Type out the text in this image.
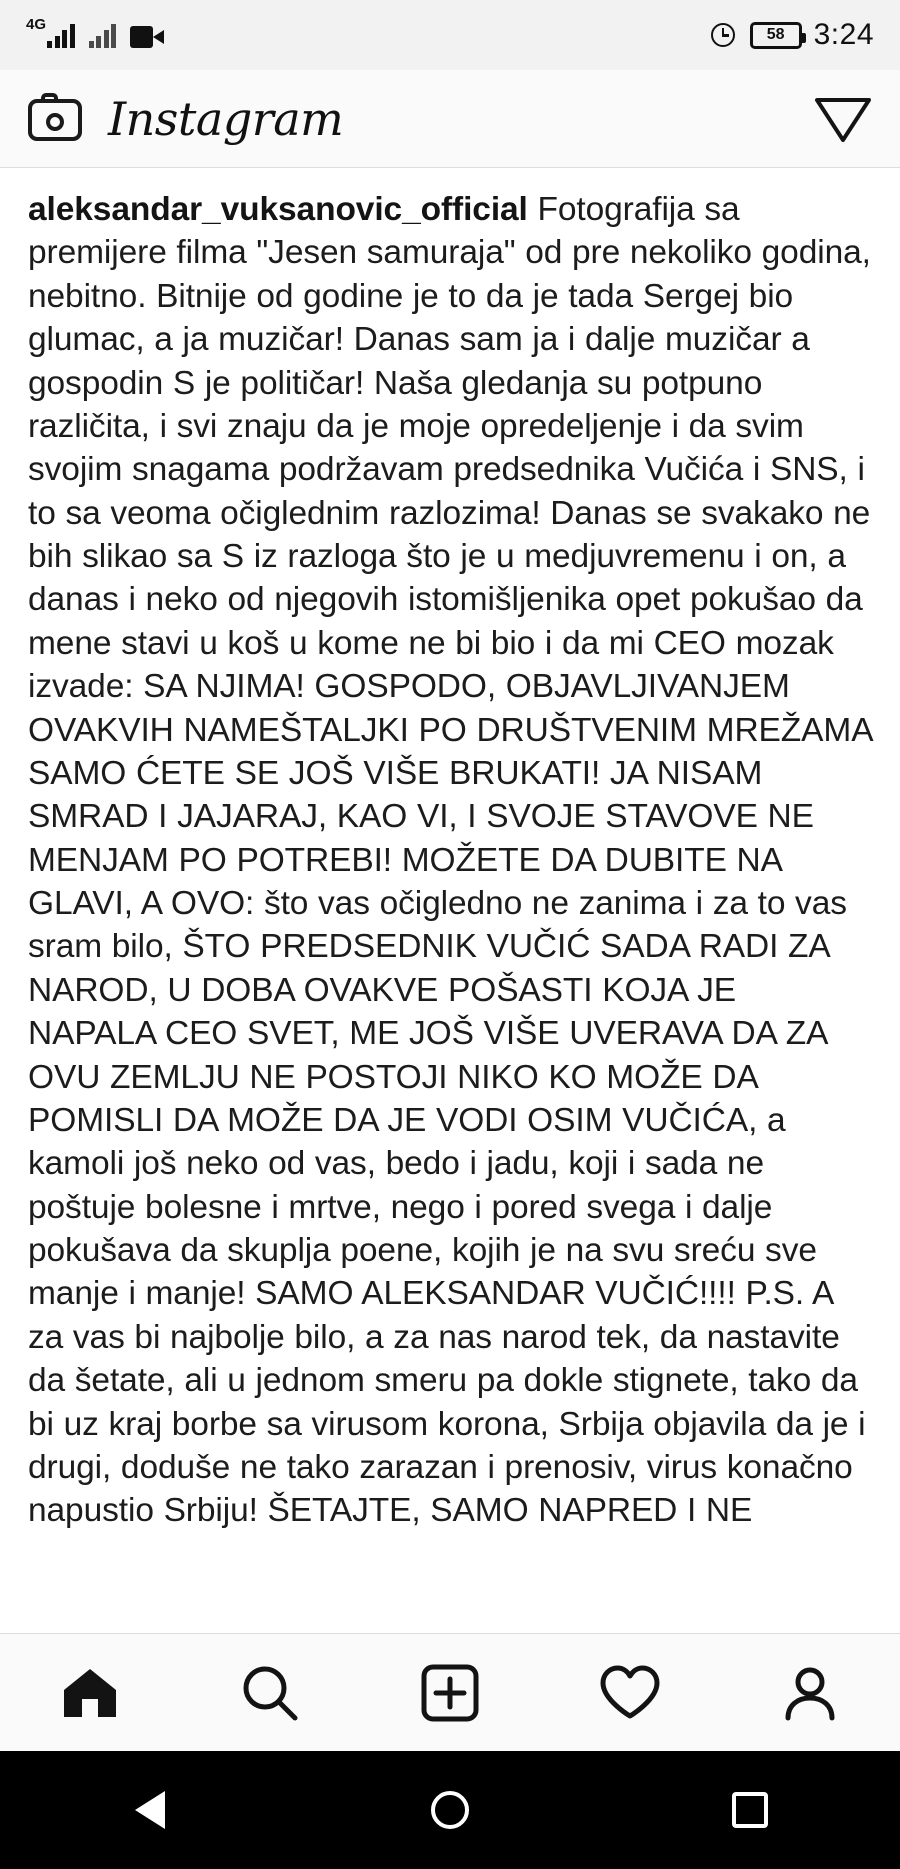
4G
58 3:24
Instagram
aleksandar_vuksanovic_official Fotografija sa premijere filma "Jesen samuraja" od pre nekoliko godina, nebitno. Bitnije od godine je to da je tada Sergej bio glumac, a ja muzičar! Danas sam ja i dalje muzičar a gospodin S je političar! Naša gledanja su potpuno različita, i svi znaju da je moje opredeljenje i da svim svojim snagama podržavam predsednika Vučića i SNS, i to sa veoma očiglednim razlozima! Danas se svakako ne bih slikao sa S iz razloga što je u medjuvremenu i on, a danas i neko od njegovih istomišljenika opet pokušao da mene stavi u koš u kome ne bi bio i da mi CEO mozak izvade: SA NJIMA! GOSPODO, OBJAVLJIVANJEM OVAKVIH NAMEŠTALJKI PO DRUŠTVENIM MREŽAMA SAMO ĆETE SE JOŠ VIŠE BRUKATI! JA NISAM SMRAD I JAJARAJ, KAO VI, I SVOJE STAVOVE NE MENJAM PO POTREBI! MOŽETE DA DUBITE NA GLAVI, A OVO: što vas očigledno ne zanima i za to vas sram bilo, ŠTO PREDSEDNIK VUČIĆ SADA RADI ZA NAROD, U DOBA OVAKVE POŠASTI KOJA JE NAPALA CEO SVET, ME JOŠ VIŠE UVERAVA DA ZA OVU ZEMLJU NE POSTOJI NIKO KO MOŽE DA POMISLI DA MOŽE DA JE VODI OSIM VUČIĆA, a kamoli još neko od vas, bedo i jadu, koji i sada ne poštuje bolesne i mrtve, nego i pored svega i dalje pokušava da skuplja poene, kojih je na svu sreću sve manje i manje! SAMO ALEKSANDAR VUČIĆ!!!! P.S. A za vas bi najbolje bilo, a za nas narod tek, da nastavite da šetate, ali u jednom smeru pa dokle stignete, tako da bi uz kraj borbe sa virusom korona, Srbija objavila da je i drugi, doduše ne tako zarazan i prenosiv, virus konačno napustio Srbiju! ŠETAJTE, SAMO NAPRED I NE
